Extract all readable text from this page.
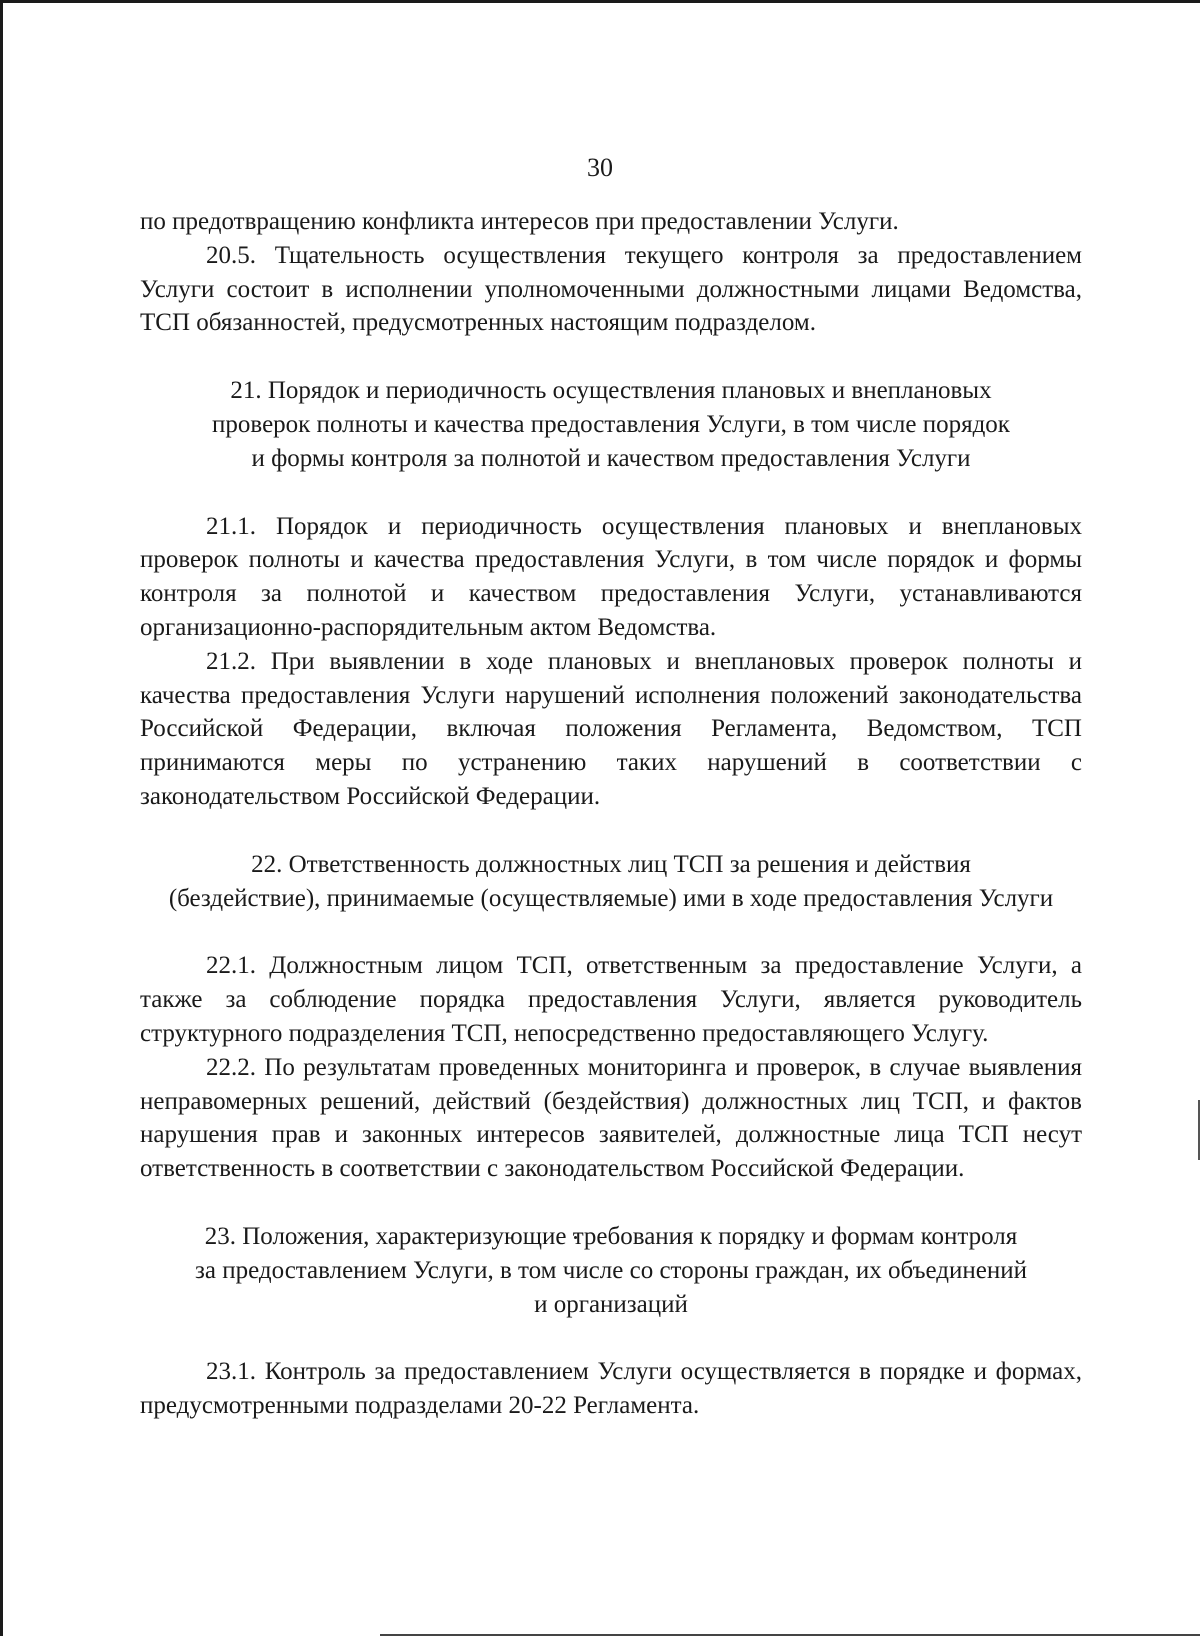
30

по предотвращению конфликта интересов при предоставлении Услуги.

20.5. Тщательность осуществления текущего контроля за предоставлением Услуги состоит в исполнении уполномоченными должностными лицами Ведомства, ТСП обязанностей, предусмотренных настоящим подразделом.

21. Порядок и периодичность осуществления плановых и внеплановых
проверок полноты и качества предоставления Услуги, в том числе порядок
и формы контроля за полнотой и качеством предоставления Услуги

21.1. Порядок и периодичность осуществления плановых и внеплановых проверок полноты и качества предоставления Услуги, в том числе порядок и формы контроля за полнотой и качеством предоставления Услуги, устанавливаются организационно-распорядительным актом Ведомства.

21.2. При выявлении в ходе плановых и внеплановых проверок полноты и качества предоставления Услуги нарушений исполнения положений законодательства Российской Федерации, включая положения Регламента, Ведомством, ТСП принимаются меры по устранению таких нарушений в соответствии с законодательством Российской Федерации.

22. Ответственность должностных лиц ТСП за решения и действия
(бездействие), принимаемые (осуществляемые) ими в ходе предоставления Услуги

22.1. Должностным лицом ТСП, ответственным за предоставление Услуги, а также за соблюдение порядка предоставления Услуги, является руководитель структурного подразделения ТСП, непосредственно предоставляющего Услугу.

22.2. По результатам проведенных мониторинга и проверок, в случае выявления неправомерных решений, действий (бездействия) должностных лиц ТСП, и фактов нарушения прав и законных интересов заявителей, должностные лица ТСП несут ответственность в соответствии с законодательством Российской Федерации.

23. Положения, характеризующие требования к порядку и формам контроля
за предоставлением Услуги, в том числе со стороны граждан, их объединений
и организаций

23.1. Контроль за предоставлением Услуги осуществляется в порядке и формах, предусмотренными подразделами 20-22 Регламента.
